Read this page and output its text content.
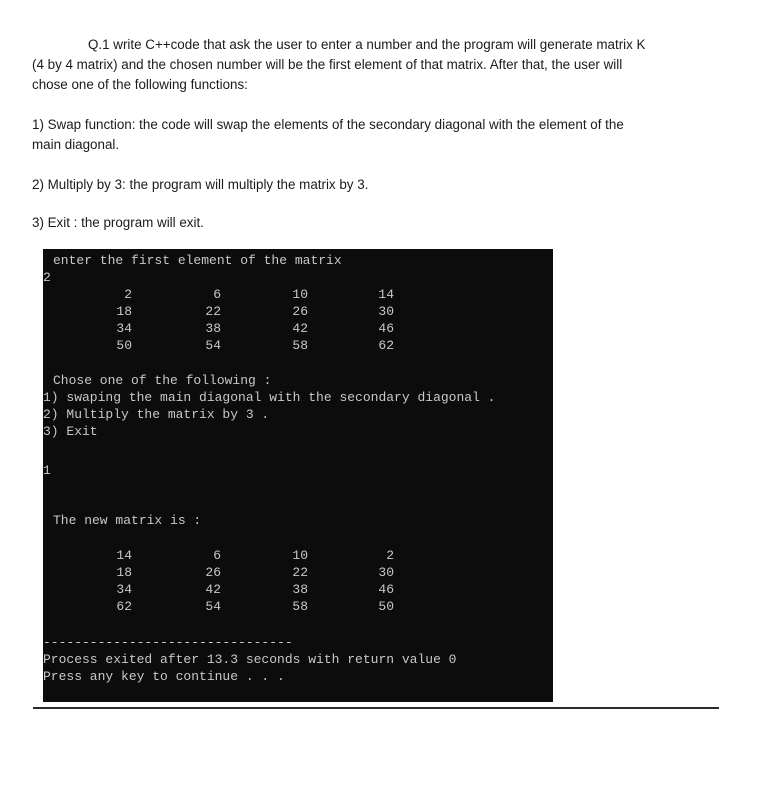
Q.1 write C++code that ask the user to enter a number and the program will generate matrix K

(4 by 4 matrix) and the chosen number will be the first element of that matrix. After that, the user will

chose one of the following functions:

1) Swap function: the code will swap the elements of the secondary diagonal with the element of the

main diagonal.

2) Multiply by 3: the program will multiply the matrix by 3.

3) Exit : the program will exit.

enter the first element of the matrix
2
2	6	10	14
18	22	26	30
34	38	42	46
50	54	58	62
Chose one of the following :
1) swaping the main diagonal with the secondary diagonal .
2) Multiply the matrix by 3 .
3) Exit
1
The new matrix is :
14	6	10	2
18	26	22	30
34	42	38	46
62	54	58	50
--------------------------------
Process exited after 13.3 seconds with return value 0
Press any key to continue . . .
